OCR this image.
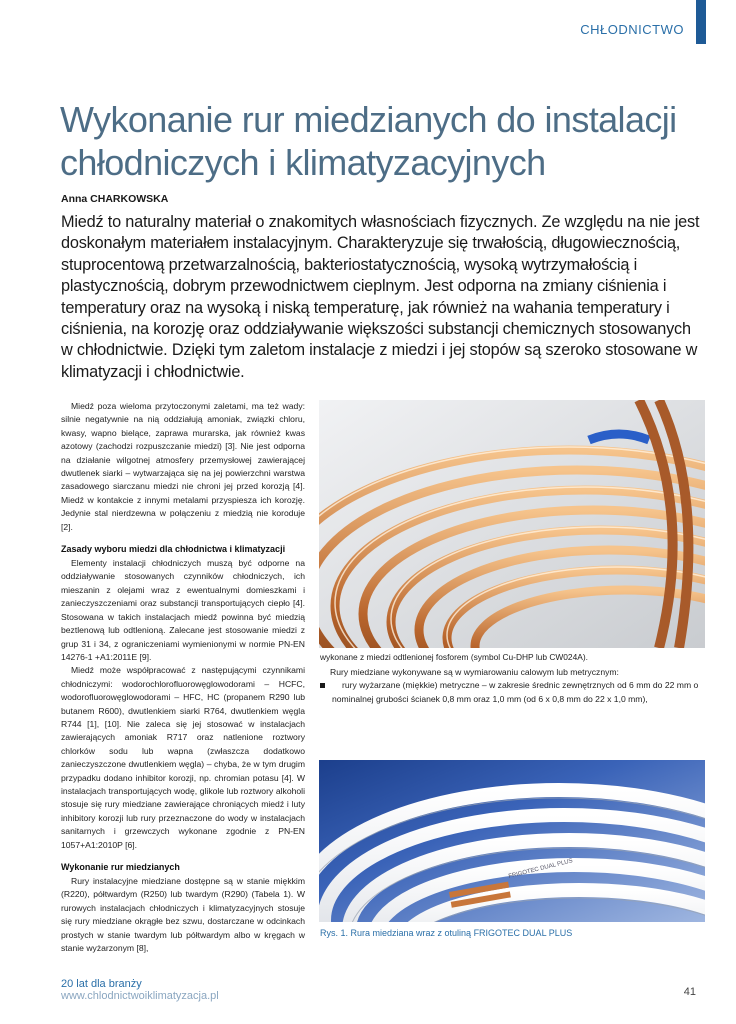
CHŁODNICTWO
Wykonanie rur miedzianych do instalacji chłodniczych i klimatyzacyjnych
Anna CHARKOWSKA

Miedź to naturalny materiał o znakomitych własnościach fizycznych. Ze względu na nie jest doskonałym materiałem instalacyjnym. Charakteryzuje się trwałością, długowiecznością, stuprocentową przetwarzalnością, bakteriostatycznością, wysoką wytrzymałością i plastycznością, dobrym przewodnictwem cieplnym. Jest odporna na zmiany ciśnienia i temperatury oraz na wysoką i niską temperaturę, jak również na wahania temperatury i ciśnienia, na korozję oraz oddziaływanie większości substancji chemicznych stosowanych w chłodnictwie. Dzięki tym zaletom instalacje z miedzi i jej stopów są szeroko stosowane w klimatyzacji i chłodnictwie.

Miedź poza wieloma przytoczonymi zaletami, ma też wady: silnie negatywnie na nią oddziałują amoniak, związki chloru, kwasy, wapno bielące, zaprawa murarska, jak również kwas azotowy (zachodzi rozpuszczanie miedzi) [3]. Nie jest odporna na działanie wilgotnej atmosfery przemysłowej zawierającej dwutlenek siarki – wytwarzająca się na jej powierzchni warstwa zasadowego siarczanu miedzi nie chroni jej przed korozją [4]. Miedź w kontakcie z innymi metalami przyspiesza ich korozję. Jedynie stal nierdzewna w połączeniu z miedzią nie koroduje [2].

Zasady wyboru miedzi dla chłodnictwa i klimatyzacji

Elementy instalacji chłodniczych muszą być odporne na oddziaływanie stosowanych czynników chłodniczych, ich mieszanin z olejami wraz z ewentualnymi domieszkami i zanieczyszczeniami oraz substancji transportujących ciepło [4]. Stosowana w takich instalacjach miedź powinna być miedzią beztlenową lub odtlenioną. Zalecane jest stosowanie miedzi z grup 31 i 34, z ograniczeniami wymienionymi w normie PN-EN 14276-1 +A1:2011E [9].

Miedź może współpracować z następującymi czynnikami chłodniczymi: wodorochlorofluorowęglowodorami – HCFC, wodorofluorowęglowodorami – HFC, HC (propanem R290 lub butanem R600), dwutlenkiem siarki R764, dwutlenkiem węgla R744 [1], [10]. Nie zaleca się jej stosować w instalacjach zawierających amoniak R717 oraz natlenione roztwory chlorków sodu lub wapna (zwłaszcza dodatkowo zanieczyszczone dwutlenkiem węgla) – chyba, że w tym drugim przypadku dodano inhibitor korozji, np. chromian potasu [4]. W instalacjach transportujących wodę, glikole lub roztwory alkoholi stosuje się rury miedziane zawierające chroniących miedź i luty inhibitory korozji lub rury przeznaczone do wody w instalacjach sanitarnych i grzewczych wykonane zgodnie z PN-EN 1057+A1:2010P [6].

Wykonanie rur miedzianych

Rury instalacyjne miedziane dostępne są w stanie miękkim (R220), półtwardym (R250) lub twardym (R290) (Tabela 1). W rurowych instalacjach chłodniczych i klimatyzacyjnych stosuje się rury miedziane okrągłe bez szwu, dostarczane w odcinkach prostych w stanie twardym lub półtwardym albo w kręgach w stanie wyżarzonym [8],

wykonane z miedzi odtlenionej fosforem (symbol Cu-DHP lub CW024A).

Rury miedziane wykonywane są w wymiarowaniu calowym lub metrycznym:

rury wyżarzane (miękkie) metryczne – w zakresie średnic zewnętrznych od 6 mm do 22 mm o nominalnej grubości ścianek 0,8 mm oraz 1,0 mm (od 6 x 0,8 mm do 22 x 1,0 mm),

FRIGOTEC DUAL PLUS
Rys. 1. Rura miedziana wraz z otuliną FRIGOTEC DUAL PLUS
20 lat dla branży
www.chlodnictwoiklimatyzacja.pl	41
